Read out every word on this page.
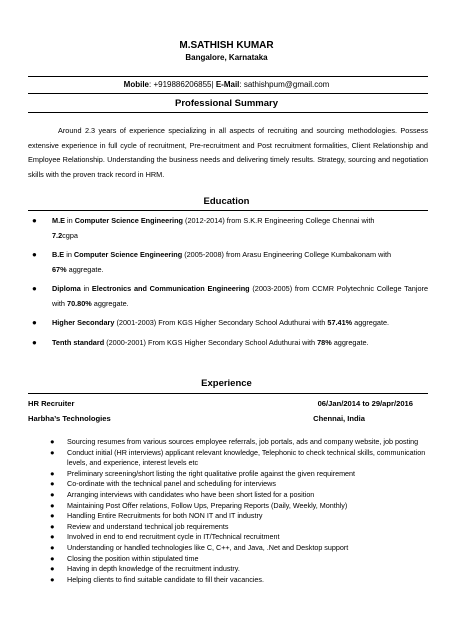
M.SATHISH KUMAR
Bangalore, Karnataka
Mobile: +919886206855| E-Mail: sathishpum@gmail.com
Professional Summary
Around 2.3 years of experience specializing in all aspects of recruiting and sourcing methodologies. Possess extensive experience in full cycle of recruitment, Pre-recruitment and Post recruitment formalities, Client Relationship and Employee Relationship. Understanding the business needs and delivering timely results. Strategy, sourcing and negotiation skills with the proven track record in HRM.
Education
● M.E in Computer Science Engineering (2012-2014) from S.K.R Engineering College Chennai with
7.2cgpa
● B.E in Computer Science Engineering (2005-2008) from Arasu Engineering College Kumbakonam with
67% aggregate.
● Diploma in Electronics and Communication Engineering (2003-2005) from CCMR Polytechnic College Tanjore with 70.80% aggregate.
● Higher Secondary (2001-2003) From KGS Higher Secondary School Aduthurai with 57.41% aggregate.
● Tenth standard (2000-2001) From KGS Higher Secondary School Aduthurai with 78% aggregate.
Experience
HR Recruiter	06/Jan/2014 to 29/apr/2016
Harbha’s Technologies	Chennai, India
● Sourcing resumes from various sources employee referrals, job portals, ads and company website, job posting
● Conduct initial (HR interviews) applicant relevant knowledge, Telephonic to check technical skills, communication levels, and experience, interest levels etc
● Preliminary screening/short listing the right qualitative profile against the given requirement
● Co-ordinate with the technical panel and scheduling for interviews
● Arranging interviews with candidates who have been short listed for a position
● Maintaining Post Offer relations, Follow Ups, Preparing Reports (Daily, Weekly, Monthly)
● Handling Entire Recruitments for both NON IT and IT industry
● Review and understand technical job requirements
● Involved in end to end recruitment cycle in IT/Technical recruitment
● Understanding or handled technologies like C, C++, and Java, .Net and Desktop support
● Closing the position within stipulated time
● Having in depth knowledge of the recruitment industry.
● Helping clients to find suitable candidate to fill their vacancies.
